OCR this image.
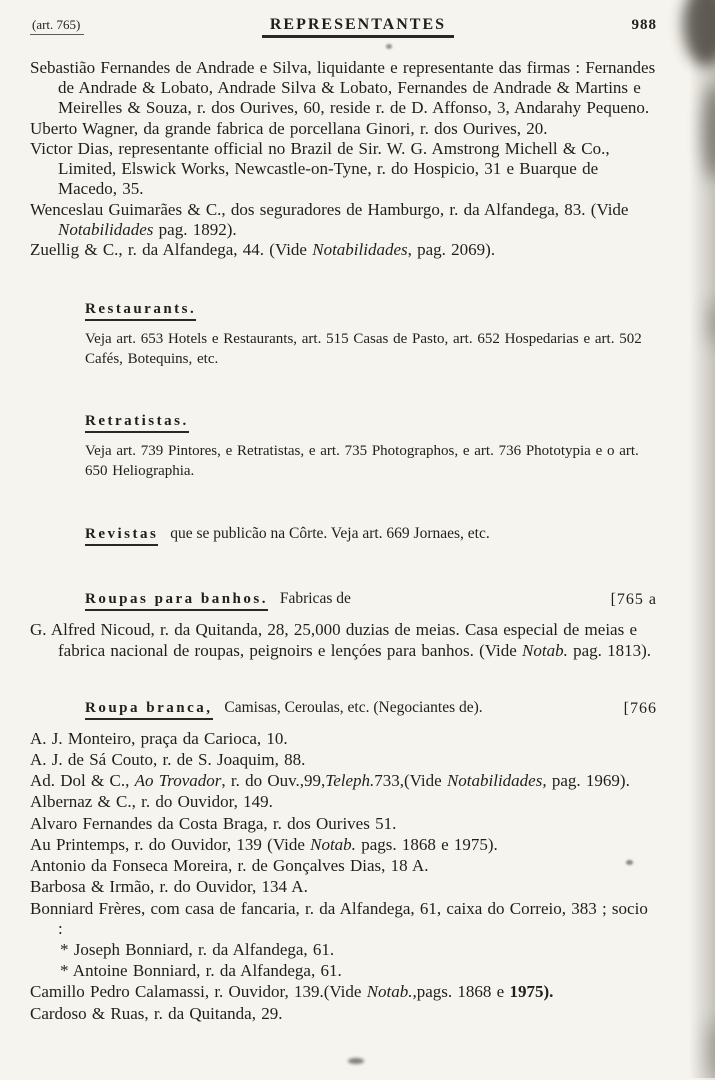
(art. 765)	REPRESENTANTES	988

Sebastião Fernandes de Andrade e Silva, liquidante e representante das firmas : Fernandes de Andrade & Lobato, Andrade Silva & Lobato, Fernandes de Andrade & Martins e Meirelles & Souza, r. dos Ourives, 60, reside r. de D. Affonso, 3, Andarahy Pequeno.

Uberto Wagner, da grande fabrica de porcellana Ginori, r. dos Ourives, 20.

Victor Dias, representante official no Brazil de Sir. W. G. Amstrong Michell & Co., Limited, Elswick Works, Newcastle-on-Tyne, r. do Hospicio, 31 e Buarque de Macedo, 35.

Wenceslau Guimarães & C., dos seguradores de Hamburgo, r. da Alfandega, 83. (Vide Notabilidades pag. 1892).

Zuellig & C., r. da Alfandega, 44. (Vide Notabilidades, pag. 2069).

Restaurants.

Veja art. 653 Hotels e Restaurants, art. 515 Casas de Pasto, art. 652 Hospedarias e art. 502 Cafés, Botequins, etc.

Retratistas.

Veja art. 739 Pintores, e Retratistas, e art. 735 Photographos, e art. 736 Phototypia e o art. 650 Heliographia.

Revistas que se publicão na Côrte. Veja art. 669 Jornaes, etc.

Roupas para banhos. Fabricas de	[765 a

G. Alfred Nicoud, r. da Quitanda, 28, 25,000 duzias de meias. Casa especial de meias e fabrica nacional de roupas, peignoirs e lençóes para banhos. (Vide Notab. pag. 1813).

Roupa branca, Camisas, Ceroulas, etc. (Negociantes de).	[766

A. J. Monteiro, praça da Carioca, 10.

A. J. de Sá Couto, r. de S. Joaquim, 88.

Ad. Dol & C., Ao Trovador, r. do Ouv.,99,Teleph.733,(Vide Notabilidades, pag. 1969).

Albernaz & C., r. do Ouvidor, 149.

Alvaro Fernandes da Costa Braga, r. dos Ourives 51.

Au Printemps, r. do Ouvidor, 139 (Vide Notab. pags. 1868 e 1975).

Antonio da Fonseca Moreira, r. de Gonçalves Dias, 18 A.

Barbosa & Irmão, r. do Ouvidor, 134 A.

Bonniard Frères, com casa de fancaria, r. da Alfandega, 61, caixa do Correio, 383 ; socio :

* Joseph Bonniard, r. da Alfandega, 61.

* Antoine Bonniard, r. da Alfandega, 61.

Camillo Pedro Calamassi, r. Ouvidor, 139.(Vide Notab.,pags. 1868 e 1975).

Cardoso & Ruas, r. da Quitanda, 29.
